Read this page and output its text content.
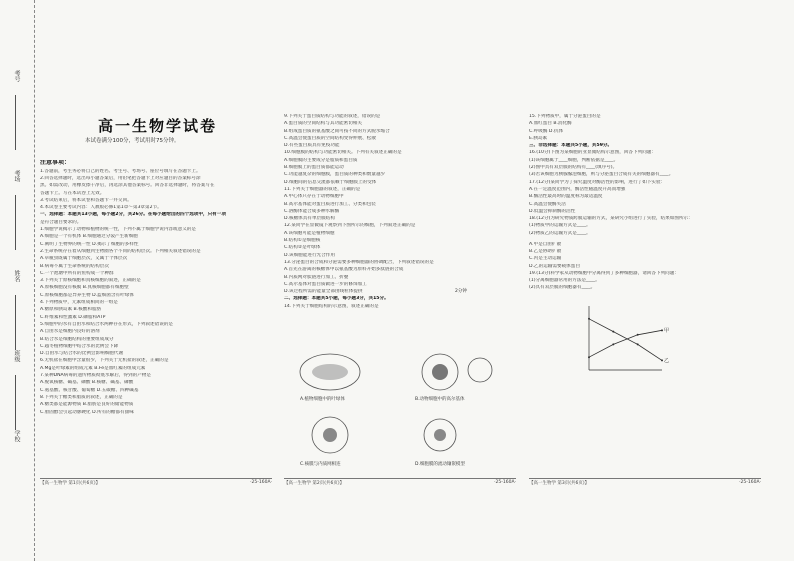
考号
考场
姓名
班级
学校
高一生物学试卷
本试卷满分100分，考试用时75分钟。

注意事项：

1.答题前，考生务必将自己的姓名、考生号、考场号、座位号填写在答题卡上。

2.回答选择题时，选出每小题答案后，用铅笔把答题卡上对应题目的答案标号涂

黑。如需改动，用橡皮擦干净后，再选涂其他答案标号。回答非选择题时，将答案写在

答题卡上。写在本试卷上无效。

3.考试结束后，将本试卷和答题卡一并交回。

4.本试卷主要考试内容：人教版必修1第1章～第3章第2节。

一、选择题：本题共13小题，每小题2分，共26分。在每小题给出的四个选项中，只有一项

是符合题目要求的。

1.细胞学说揭示了动物和植物的统一性，下列不属于细胞学说内容或意义的是

A.细胞是一个有机体 B.细胞通过分裂产生新细胞

C.阐明了生物界的统一性 D.揭示了细胞的多样性

2.生命系统存在着从细胞到生物圈各个不同的结构层次。下列相关叙述错误的是

A.草履虫既属于细胞层次，又属于个体层次

B.病毒不属于生命系统的结构层次

C.一个池塘中所有的鱼构成一个种群

3.下列关于原核细胞和真核细胞的叙述，正确的是

A.原核细胞没有核膜 B.真核细胞都有细胞壁

C.原核细胞都是异养生物 D.蓝细菌含有叶绿体

4.下列物质中，元素组成相同的一组是

A.糖原和胰岛素 B.核酸和脂肪

C.纤维素和性激素 D.磷脂和ATP

5.细胞中的水有自由水和结合水两种存在形式，下列叙述错误的是

A.自由水是细胞内良好的溶剂

B.结合水是细胞结构的重要组成成分

C.越冬植物细胞中结合水的比例会下降

D.自由水与结合水的比例会影响细胞代谢

6.无机盐在细胞中含量很少，下列关于无机盐的叙述，正确的是

A.Mg是叶绿素的组成元素 B.Fe是血红素的组成元素

7.某种DNA病毒的遗传物质彻底水解后，得到的产物是

A.脱氧核糖、碱基、磷酸 B.核糖、碱基、磷酸

C.氨基酸、核苷酸、葡萄糖 D.五碳糖、四种碱基

8.下列关于糖类和脂质的叙述，正确的是

A.糖类都是能源物质 B.脂肪是良好的储能物质

C.胆固醇会引起动脉硬化 D.所有的糖都有甜味

9.下列关于蛋白质结构与功能的叙述，错误的是

A.蛋白质的空间结构与其功能密切相关

B.组成蛋白质的氨基酸之间可按不同的方式脱水缩合

C.高温会使蛋白质的空间结构变得伸展、松散

D.有些蛋白质具有免疫功能

10.细胞膜的结构与功能密切相关。下列有关叙述正确的是

A.细胞膜的主要成分是脂质和蛋白质

B.细胞膜上的蛋白质都能运动

C.功能越复杂的细胞膜，蛋白质的种类和数量越少

D.细胞间的信息交流都依赖于细胞膜上的受体

11.下列关于细胞器的叙述，正确的是

A.中心体只存在于动物细胞中

B.高尔基体能对蛋白质进行加工、分类和包装

C.溶酶体能合成多种水解酶

D.核糖体具有单层膜结构

12.某同学在显微镜下观察到下图所示的细胞，下列叙述正确的是

A.该细胞可能是植物细胞

B.结构①是细胞核

C.结构②是叶绿体

D.该细胞能进行光合作用

13.分泌蛋白的合成和分泌需要多种细胞器的协调配合，下列叙述错误的是

A.首先在游离的核糖体中以氨基酸为原料开始多肽链的合成

B.内质网对肽链进行加工、折叠

C.高尔基体对蛋白质做进一步的修饰加工

D.该过程所需的能量全部由线粒体提供

二、选择题：本题共5小题，每小题3分，共15分。

14.下列关于细胞结构的示意图，叙述正确的是

A.植物细胞中的叶绿体	B.动物细胞中的高尔基体
C.核膜与内质网相连	D.细胞膜的流动镶嵌模型
2分钟

15.下列物质中，属于分泌蛋白的是

A.血红蛋白 B.消化酶

C.呼吸酶 D.抗体

E.胰岛素

三、非选择题：本题共5小题，共59分。

16.(10分)下图为某细胞的亚显微结构示意图，回答下列问题：

(1)该细胞属于____细胞，判断依据是____。

(2)图中具有双层膜的结构有____(填序号)。

(3)若该细胞为胰腺腺泡细胞，则与分泌蛋白合成有关的细胞器有____。

17.(12分)某同学为了探究温度对酶活性的影响，进行了如下实验：

A.在一定温度范围内，酶活性随温度升高而增强

B.酶活性最高时的温度称为最适温度

C.高温会使酶失活

D.低温会抑制酶的活性

18.(12分)为研究物质跨膜运输的方式，某研究小组进行了实验，结果如图所示：

(1)物质甲的运输方式是____。

(2)物质乙的运输方式是____。

A.甲是自由扩散

B.乙是协助扩散

C.丙是主动运输

D.乙的运输需要载体蛋白

19.(13分)科学家从动物细胞中分离得到了多种细胞器，请回答下列问题：

(1)分离细胞器常用的方法是____。

(2)具有双层膜的细胞器有____。

甲
乙
【高一生物学 第1页(共6页)】	·25-160A·	【高一生物学 第2页(共6页)】	·25-160A·	【高一生物学 第3页(共6页)】	·25-160A·
